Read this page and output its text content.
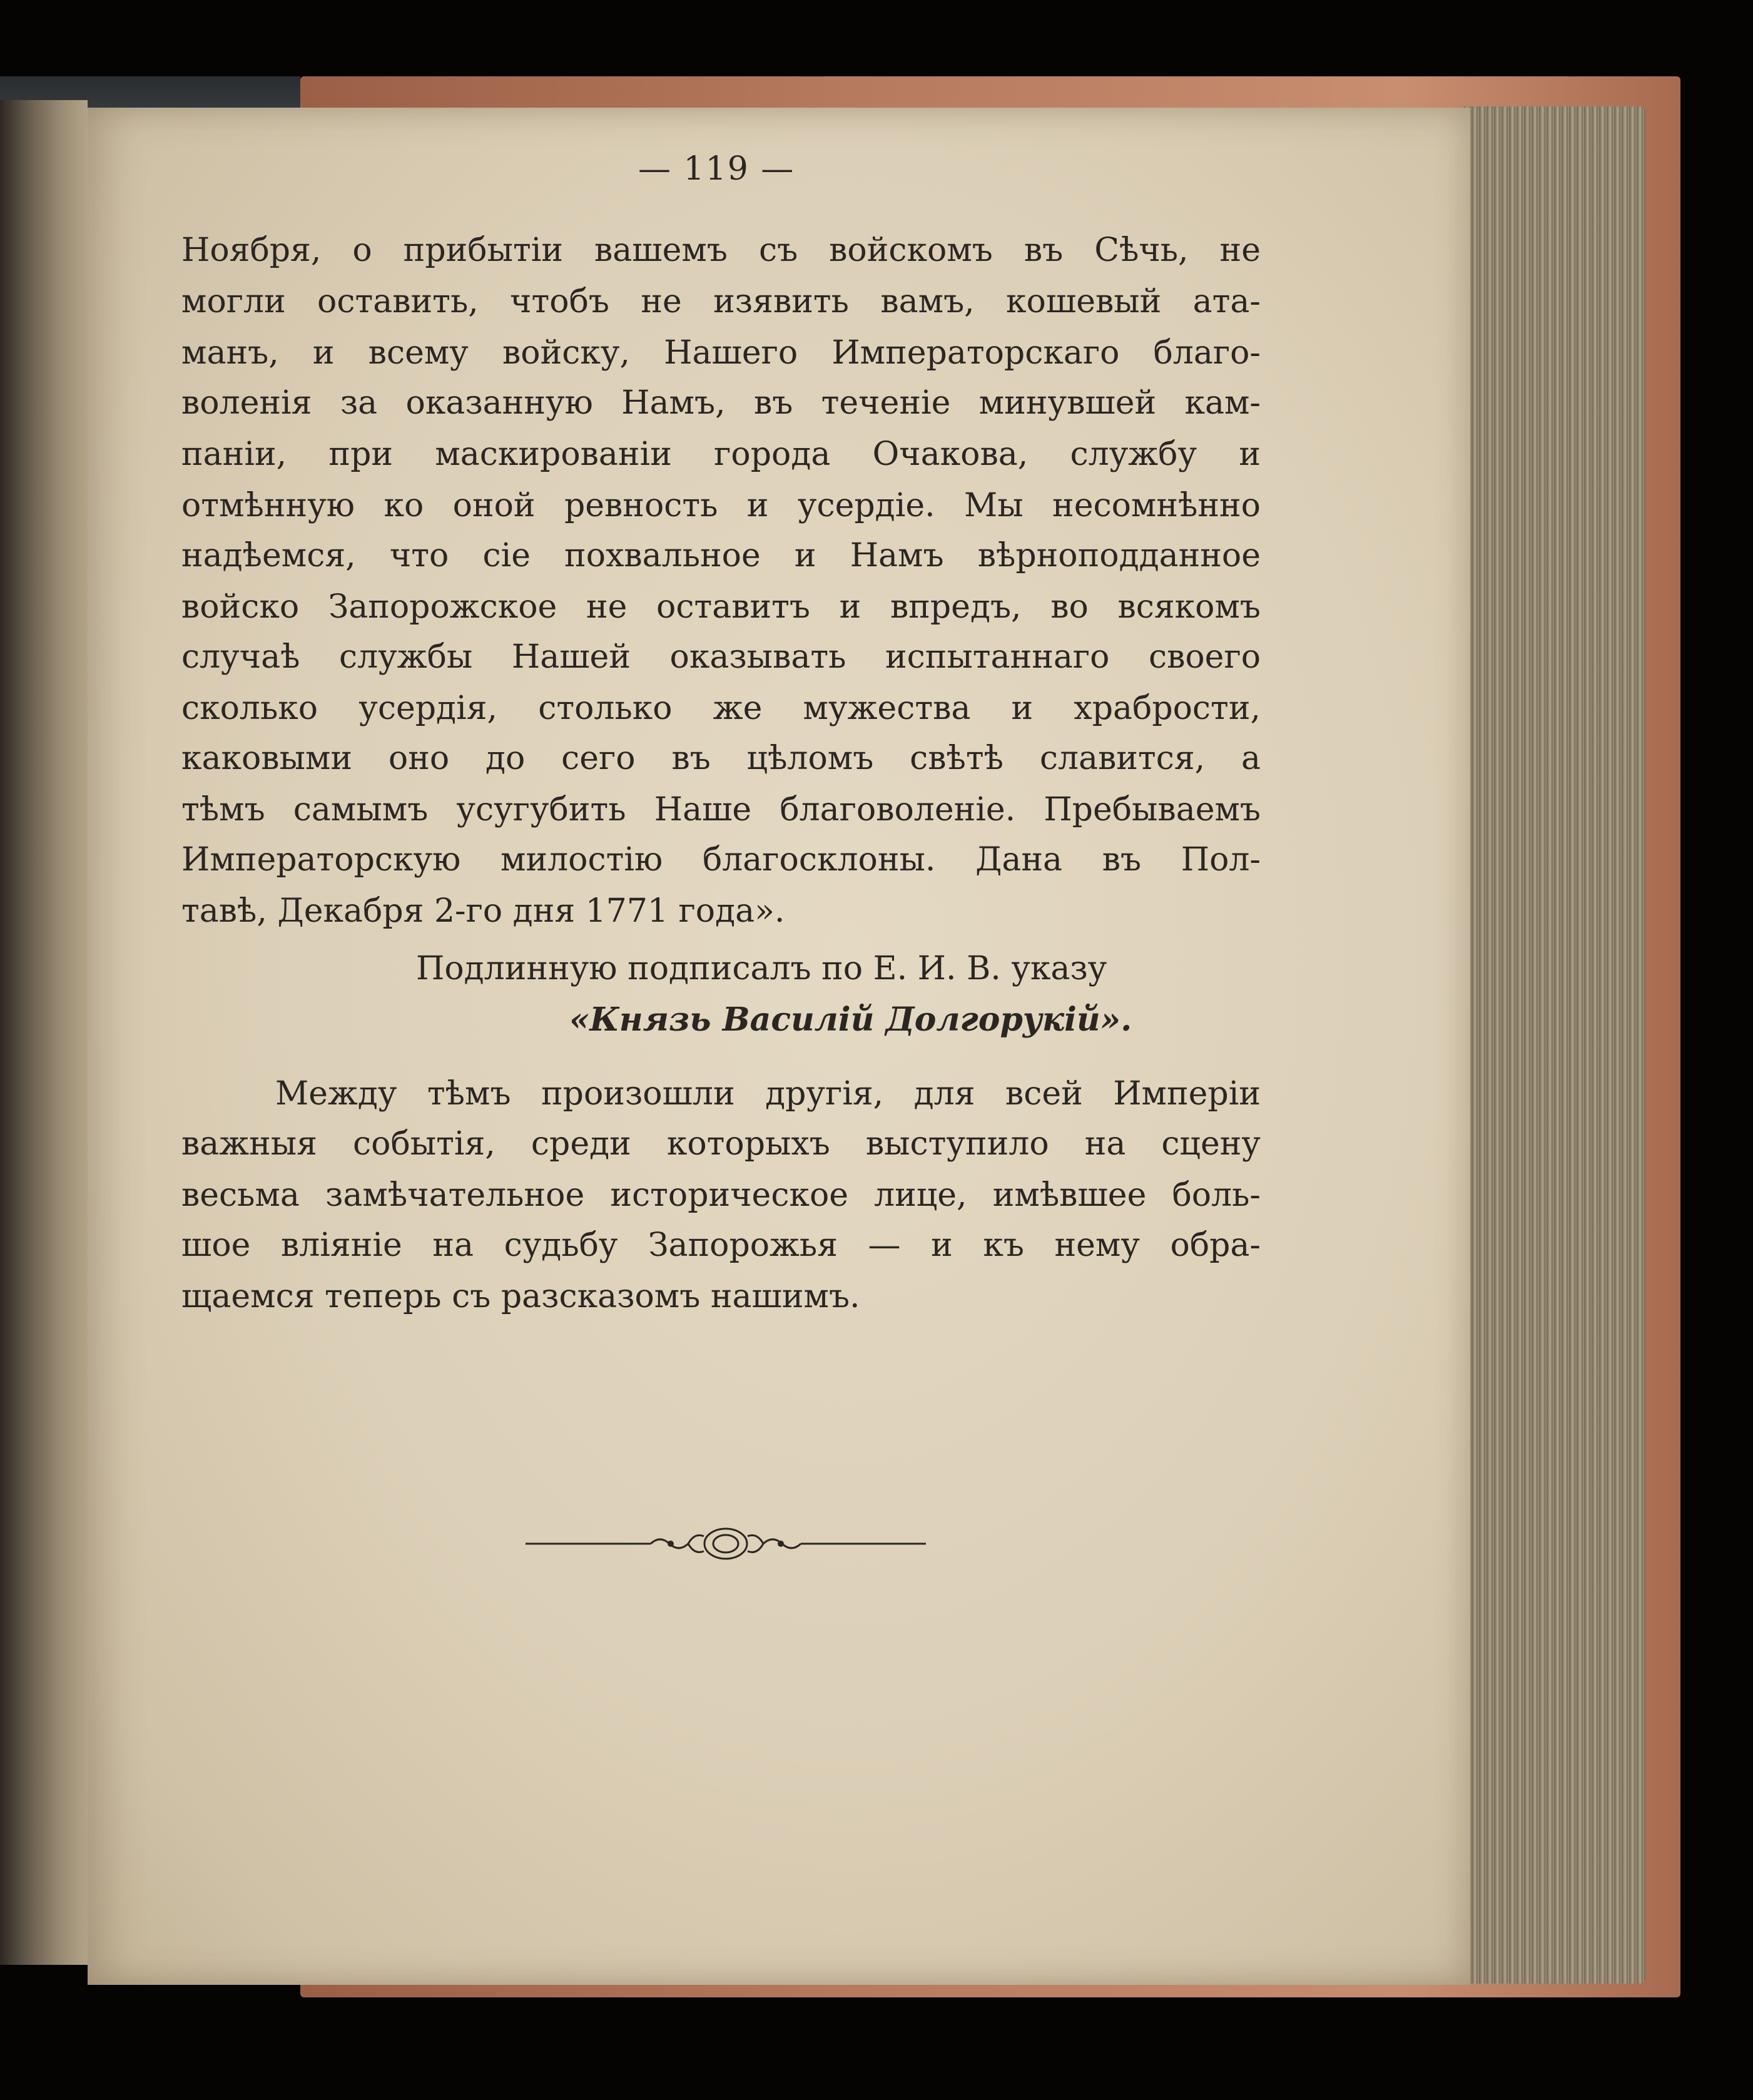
— 119 —
Ноября, о прибытіи вашемъ съ войскомъ въ Сѣчь, не
могли оставить, чтобъ не изявить вамъ, кошевый ата-
манъ, и всему войску, Нашего Императорскаго благо-
воленія за оказанную Намъ, въ теченіе минувшей кам-
паніи, при маскированіи города Очакова, службу и
отмѣнную ко оной ревность и усердіе. Мы несомнѣнно
надѣемся, что сіе похвальное и Намъ вѣрноподданное
войско Запорожское не оставитъ и впредъ, во всякомъ
случаѣ службы Нашей оказывать испытаннаго своего
сколько усердія, столько же мужества и храбрости,
каковыми оно до сего въ цѣломъ свѣтѣ славится, а
тѣмъ самымъ усугубить Наше благоволеніе. Пребываемъ
Императорскую милостію благосклоны. Дана въ Пол-
тавѣ, Декабря 2-го дня 1771 года».
Подлинную подписалъ по Е. И. В. указу
«Князь Василій Долгорукій».
Между тѣмъ произошли другія, для всей Имперіи
важныя событія, среди которыхъ выступило на сцену
весьма замѣчательное историческое лице, имѣвшее боль-
шое вліяніе на судьбу Запорожья — и къ нему обра-
щаемся теперь съ разсказомъ нашимъ.
